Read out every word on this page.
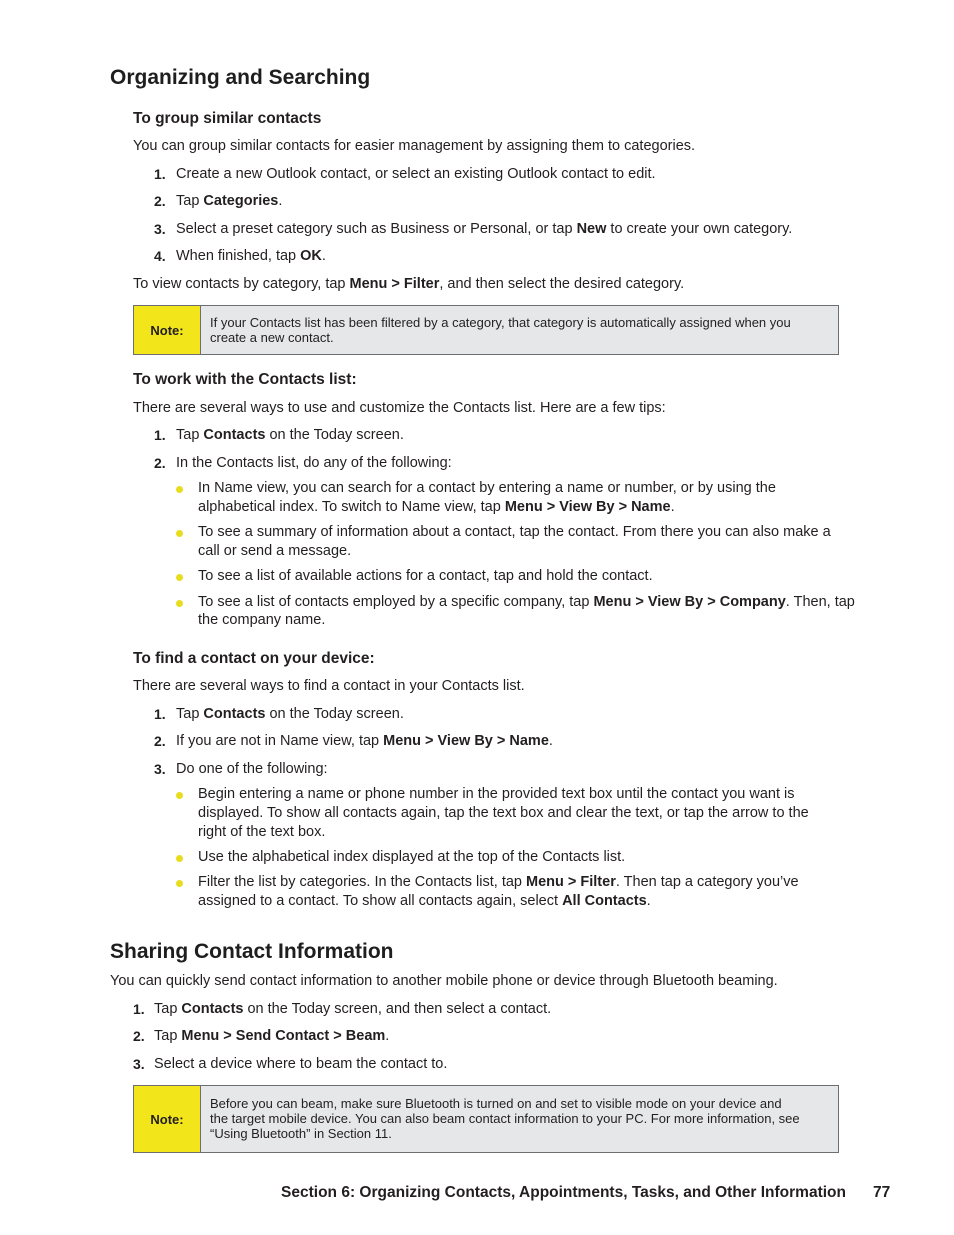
Organizing and Searching
To group similar contacts
You can group similar contacts for easier management by assigning them to categories.
1. Create a new Outlook contact, or select an existing Outlook contact to edit.
2. Tap Categories.
3. Select a preset category such as Business or Personal, or tap New to create your own category.
4. When finished, tap OK.
To view contacts by category, tap Menu > Filter, and then select the desired category.
Note:	If your Contacts list has been filtered by a category, that category is automatically assigned when you
create a new contact.
To work with the Contacts list:
There are several ways to use and customize the Contacts list. Here are a few tips:
1. Tap Contacts on the Today screen.
2. In the Contacts list, do any of the following:
In Name view, you can search for a contact by entering a name or number, or by using the
alphabetical index. To switch to Name view, tap Menu > View By > Name.
To see a summary of information about a contact, tap the contact. From there you can also make a
call or send a message.
To see a list of available actions for a contact, tap and hold the contact.
To see a list of contacts employed by a specific company, tap Menu > View By > Company. Then, tap
the company name.
To find a contact on your device:
There are several ways to find a contact in your Contacts list.
1. Tap Contacts on the Today screen.
2. If you are not in Name view, tap Menu > View By > Name.
3. Do one of the following:
Begin entering a name or phone number in the provided text box until the contact you want is
displayed. To show all contacts again, tap the text box and clear the text, or tap the arrow to the
right of the text box.
Use the alphabetical index displayed at the top of the Contacts list.
Filter the list by categories. In the Contacts list, tap Menu > Filter. Then tap a category you’ve
assigned to a contact. To show all contacts again, select All Contacts.
Sharing Contact Information
You can quickly send contact information to another mobile phone or device through Bluetooth beaming.
1. Tap Contacts on the Today screen, and then select a contact.
2. Tap Menu > Send Contact > Beam.
3. Select a device where to beam the contact to.
Note:
Before you can beam, make sure Bluetooth is turned on and set to visible mode on your device and
the target mobile device. You can also beam contact information to your PC. For more information, see
“Using Bluetooth” in Section 11.
Section 6: Organizing Contacts, Appointments, Tasks, and Other Information 77
